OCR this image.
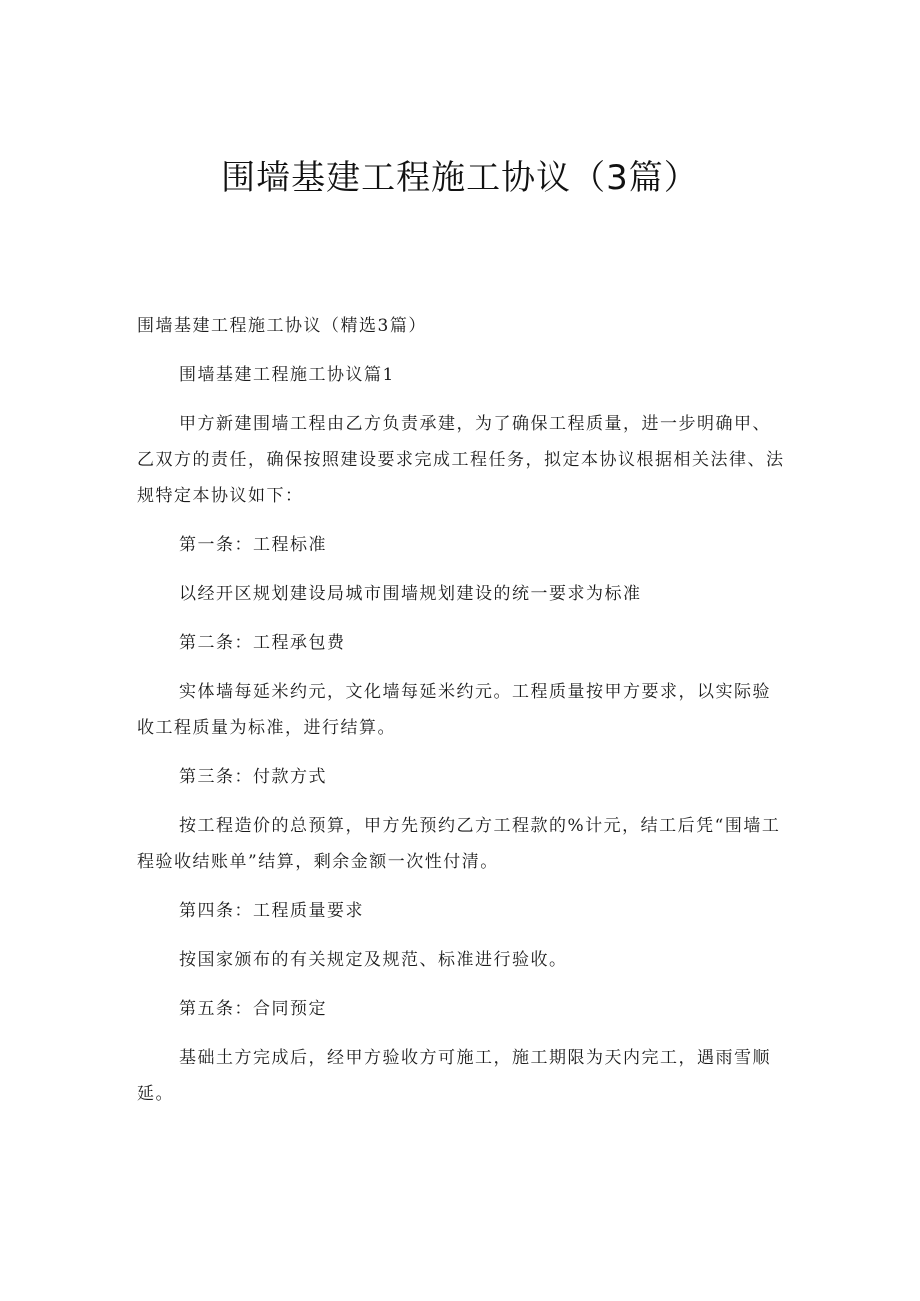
围墙基建工程施工协议（3篇）

围墙基建工程施工协议（精选3篇）

围墙基建工程施工协议篇1

甲方新建围墙工程由乙方负责承建，为了确保工程质量，进一步明确甲、乙双方的责任，确保按照建设要求完成工程任务，拟定本协议根据相关法律、法规特定本协议如下：

第一条：工程标准

以经开区规划建设局城市围墙规划建设的统一要求为标准

第二条：工程承包费

实体墙每延米约元，文化墙每延米约元。工程质量按甲方要求，以实际验收工程质量为标准，进行结算。

第三条：付款方式

按工程造价的总预算，甲方先预约乙方工程款的%计元，结工后凭“围墙工程验收结账单”结算，剩余金额一次性付清。

第四条：工程质量要求

按国家颁布的有关规定及规范、标准进行验收。

第五条：合同预定

基础土方完成后，经甲方验收方可施工，施工期限为天内完工，遇雨雪顺延。
